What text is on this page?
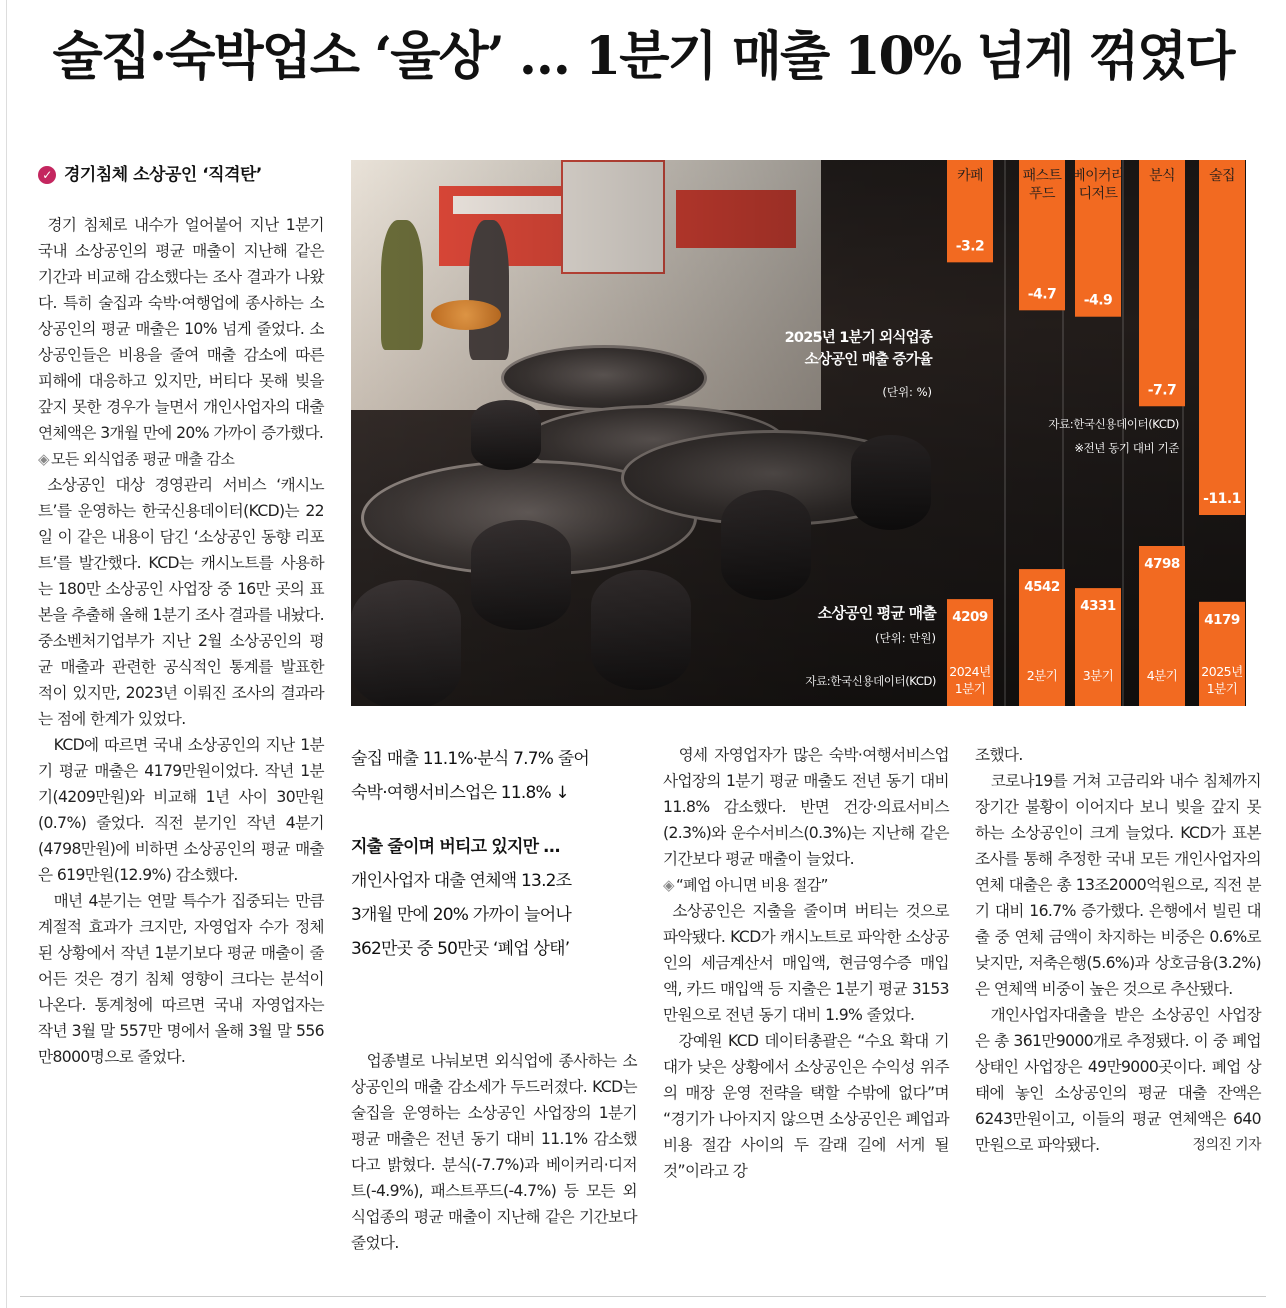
술집·숙박업소 ‘울상’ … 1분기 매출 10% 넘게 꺾였다
✓ 경기침체 소상공인 ‘직격탄’

경기 침체로 내수가 얼어붙어 지난 1분기 국내 소상공인의 평균 매출이 지난해 같은 기간과 비교해 감소했다는 조사 결과가 나왔다. 특히 술집과 숙박·여행업에 종사하는 소상공인의 평균 매출은 10% 넘게 줄었다. 소상공인들은 비용을 줄여 매출 감소에 따른 피해에 대응하고 있지만, 버티다 못해 빚을 갚지 못한 경우가 늘면서 개인사업자의 대출 연체액은 3개월 만에 20% 가까이 증가했다.

◈ 모든 외식업종 평균 매출 감소

소상공인 대상 경영관리 서비스 ‘캐시노트’를 운영하는 한국신용데이터(KCD)는 22일 이 같은 내용이 담긴 ‘소상공인 동향 리포트’를 발간했다. KCD는 캐시노트를 사용하는 180만 소상공인 사업장 중 16만 곳의 표본을 추출해 올해 1분기 조사 결과를 내놨다. 중소벤처기업부가 지난 2월 소상공인의 평균 매출과 관련한 공식적인 통계를 발표한 적이 있지만, 2023년 이뤄진 조사의 결과라는 점에 한계가 있었다.

KCD에 따르면 국내 소상공인의 지난 1분기 평균 매출은 4179만원이었다. 작년 1분기(4209만원)와 비교해 1년 사이 30만원(0.7%) 줄었다. 직전 분기인 작년 4분기(4798만원)에 비하면 소상공인의 평균 매출은 619만원(12.9%) 감소했다.

매년 4분기는 연말 특수가 집중되는 만큼 계절적 효과가 크지만, 자영업자 수가 정체된 상황에서 작년 1분기보다 평균 매출이 줄어든 것은 경기 침체 영향이 크다는 분석이 나온다. 통계청에 따르면 국내 자영업자는 작년 3월 말 557만 명에서 올해 3월 말 556만8000명으로 줄었다.

-3.2
카페
-4.7
패스트
푸드
-4.9
베이커리
디저트
-7.7
분식
-11.1
술집
2025년 1분기 외식업종
소상공인 매출 증가율
(단위: %)
자료:한국신용데이터(KCD)
※전년 동기 대비 기준
4209
2024년
1분기
4542
2분기
4331
3분기
4798
4분기
4179
2025년
1분기
소상공인 평균 매출
(단위: 만원)
자료:한국신용데이터(KCD)
술집 매출 11.1%·분식 7.7% 줄어
숙박·여행서비스업은 11.8% ↓
지출 줄이며 버티고 있지만 …
개인사업자 대출 연체액 13.2조
3개월 만에 20% 가까이 늘어나
362만곳 중 50만곳 ‘폐업 상태’

업종별로 나눠보면 외식업에 종사하는 소상공인의 매출 감소세가 두드러졌다. KCD는 술집을 운영하는 소상공인 사업장의 1분기 평균 매출은 전년 동기 대비 11.1% 감소했다고 밝혔다. 분식(-7.7%)과 베이커리·디저트(-4.9%), 패스트푸드(-4.7%) 등 모든 외식업종의 평균 매출이 지난해 같은 기간보다 줄었다.

영세 자영업자가 많은 숙박·여행서비스업 사업장의 1분기 평균 매출도 전년 동기 대비 11.8% 감소했다. 반면 건강·의료서비스(2.3%)와 운수서비스(0.3%)는 지난해 같은 기간보다 평균 매출이 늘었다.

◈ “폐업 아니면 비용 절감”

소상공인은 지출을 줄이며 버티는 것으로 파악됐다. KCD가 캐시노트로 파악한 소상공인의 세금계산서 매입액, 현금영수증 매입액, 카드 매입액 등 지출은 1분기 평균 3153만원으로 전년 동기 대비 1.9% 줄었다.

강예원 KCD 데이터총괄은 “수요 확대 기대가 낮은 상황에서 소상공인은 수익성 위주의 매장 운영 전략을 택할 수밖에 없다”며 “경기가 나아지지 않으면 소상공인은 폐업과 비용 절감 사이의 두 갈래 길에 서게 될 것”이라고 강

조했다.

코로나19를 거쳐 고금리와 내수 침체까지 장기간 불황이 이어지다 보니 빚을 갚지 못하는 소상공인이 크게 늘었다. KCD가 표본조사를 통해 추정한 국내 모든 개인사업자의 연체 대출은 총 13조2000억원으로, 직전 분기 대비 16.7% 증가했다. 은행에서 빌린 대출 중 연체 금액이 차지하는 비중은 0.6%로 낮지만, 저축은행(5.6%)과 상호금융(3.2%)은 연체액 비중이 높은 것으로 추산됐다.

개인사업자대출을 받은 소상공인 사업장은 총 361만9000개로 추정됐다. 이 중 폐업 상태인 사업장은 49만9000곳이다. 폐업 상태에 놓인 소상공인의 평균 대출 잔액은 6243만원이고, 이들의 평균 연체액은 640만원으로 파악됐다.	정의진 기자
